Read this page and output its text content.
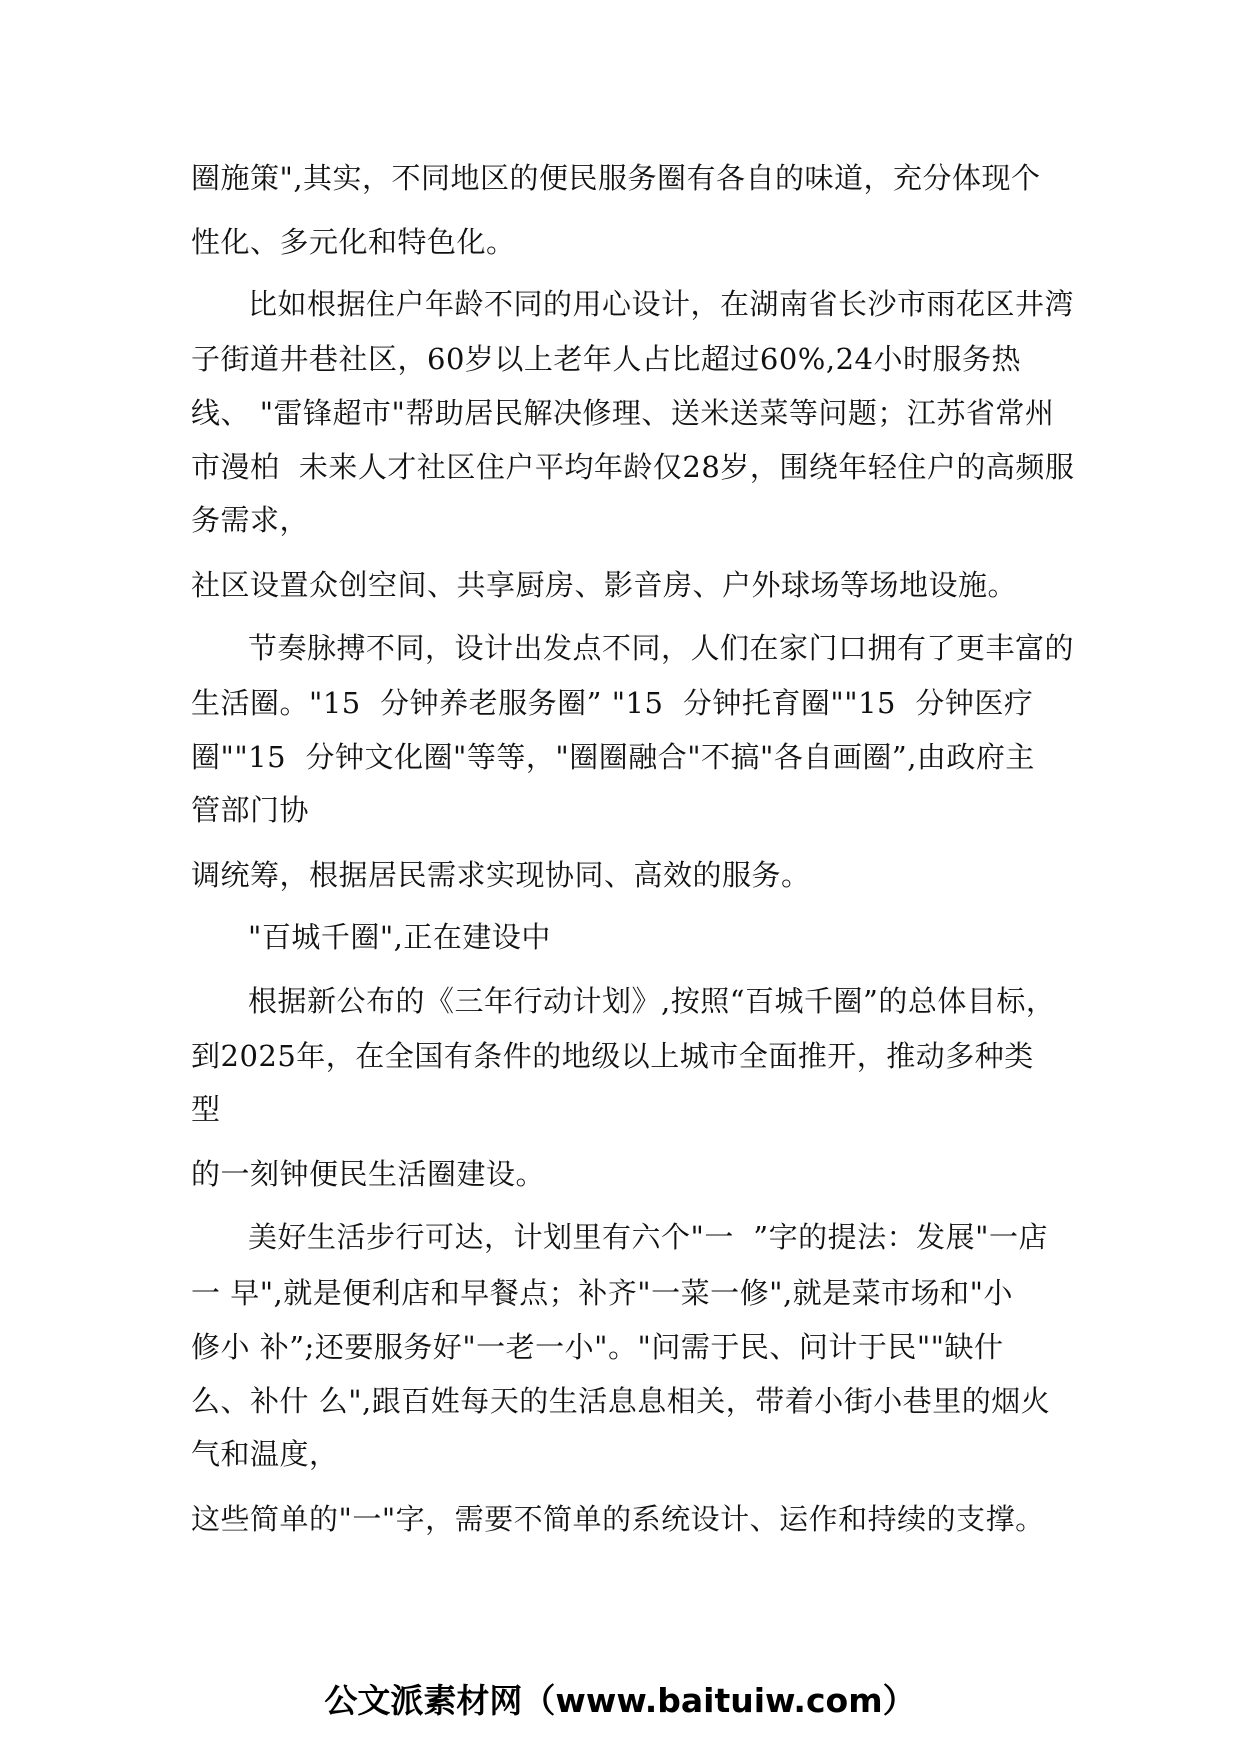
圈施策",其实，不同地区的便民服务圈有各自的味道，充分体现个
性化、多元化和特色化。
比如根据住户年龄不同的用心设计，在湖南省长沙市雨花区井湾
子街道井巷社区，60岁以上老年人占比超过60%,24小时服务热
线、 "雷锋超市"帮助居民解决修理、送米送菜等问题；江苏省常州
市漫柏  未来人才社区住户平均年龄仅28岁，围绕年轻住户的高频服
务需求，
社区设置众创空间、共享厨房、影音房、户外球场等场地设施。
节奏脉搏不同，设计出发点不同，人们在家门口拥有了更丰富的
生活圈。"15  分钟养老服务圈” "15  分钟托育圈""15  分钟医疗
圈""15  分钟文化圈"等等，"圈圈融合"不搞"各自画圈”,由政府主
管部门协
调统筹，根据居民需求实现协同、高效的服务。
"百城千圈",正在建设中
根据新公布的《三年行动计划》,按照“百城千圈”的总体目标，
到2025年，在全国有条件的地级以上城市全面推开，推动多种类
型
的一刻钟便民生活圈建设。
美好生活步行可达，计划里有六个"一  ”字的提法：发展"一店
一 早",就是便利店和早餐点；补齐"一菜一修",就是菜市场和"小
修小 补”;还要服务好"一老一小"。"问需于民、问计于民""缺什
么、补什 么",跟百姓每天的生活息息相关，带着小街小巷里的烟火
气和温度，
这些简单的"一"字，需要不简单的系统设计、运作和持续的支撑。
公文派素材网（www.baituiw.com）
